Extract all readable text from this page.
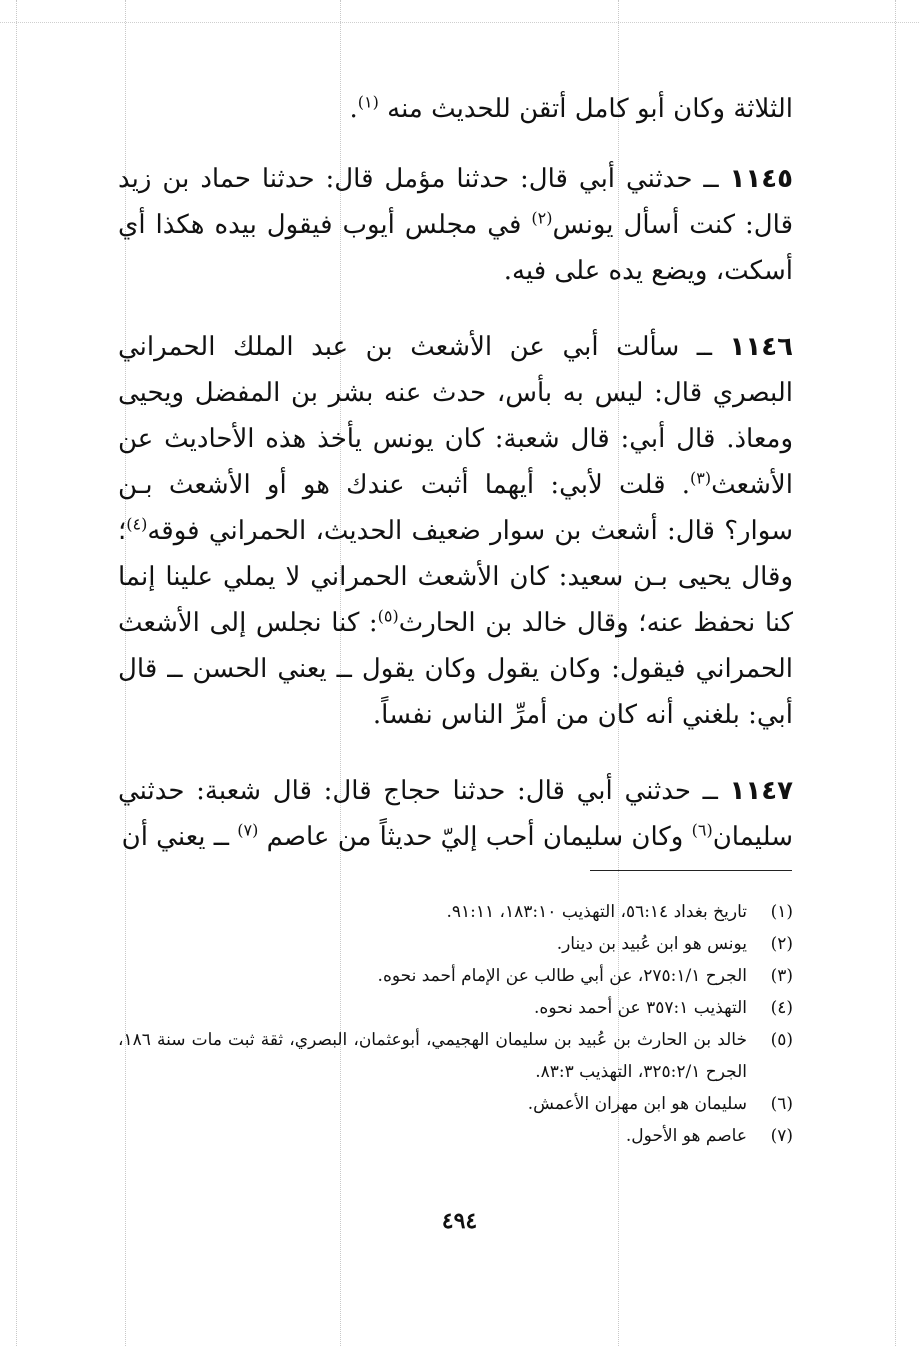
الثلاثة وكان أبو كامل أتقن للحديث منه $^{(١)}$.

١١٤٥ ــ حدثني أبي قال: حدثنا مؤمل قال: حدثنا حماد بن زيد قال: كنت أسأل يونس$^{(٢)}$ في مجلس أيوب فيقول بيده هكذا أي أسكت، ويضع يده على فيه.

١١٤٦ ــ سألت أبي عن الأشعث بن عبد الملك الحمراني البصري قال: ليس به بأس، حدث عنه بشر بن المفضل ويحيى ومعاذ. قال أبي: قال شعبة: كان يونس يأخذ هذه الأحاديث عن الأشعث$^{(٣)}$. قلت لأبي: أيهما أثبت عندك هو أو الأشعث بـن سوار؟ قال: أشعث بن سوار ضعيف الحديث، الحمراني فوقه$^{(٤)}$؛ وقال يحيى بـن سعيد: كان الأشعث الحمراني لا يملي علينا إنما كنا نحفظ عنه؛ وقال خالد بن الحارث$^{(٥)}$: كنا نجلس إلى الأشعث الحمراني فيقول: وكان يقول وكان يقول ــ يعني الحسن ــ قال أبي: بلغني أنه كان من أمرِّ الناس نفساً.

١١٤٧ ــ حدثني أبي قال: حدثنا حجاج قال: قال شعبة: حدثني سليمان$^{(٦)}$ وكان سليمان أحب إليّ حديثاً من عاصم $^{(٧)}$ ــ يعني أن

(١)
تاريخ بغداد ٥٦:١٤، التهذيب ١٨٣:١٠، ٩١:١١.
(٢)
يونس هو ابن عُبيد بن دينار.
(٣)
الجرح ٢٧٥:١/١، عن أبي طالب عن الإمام أحمد نحوه.
(٤)
التهذيب ٣٥٧:١ عن أحمد نحوه.
(٥)
خالد بن الحارث بن عُبيد بن سليمان الهجيمي، أبوعثمان، البصري، ثقة ثبت مات سنة ١٨٦، الجرح ٣٢٥:٢/١، التهذيب ٨٣:٣.
(٦)
سليمان هو ابن مهران الأعمش.
(٧)
عاصم هو الأحول.
٤٩٤
